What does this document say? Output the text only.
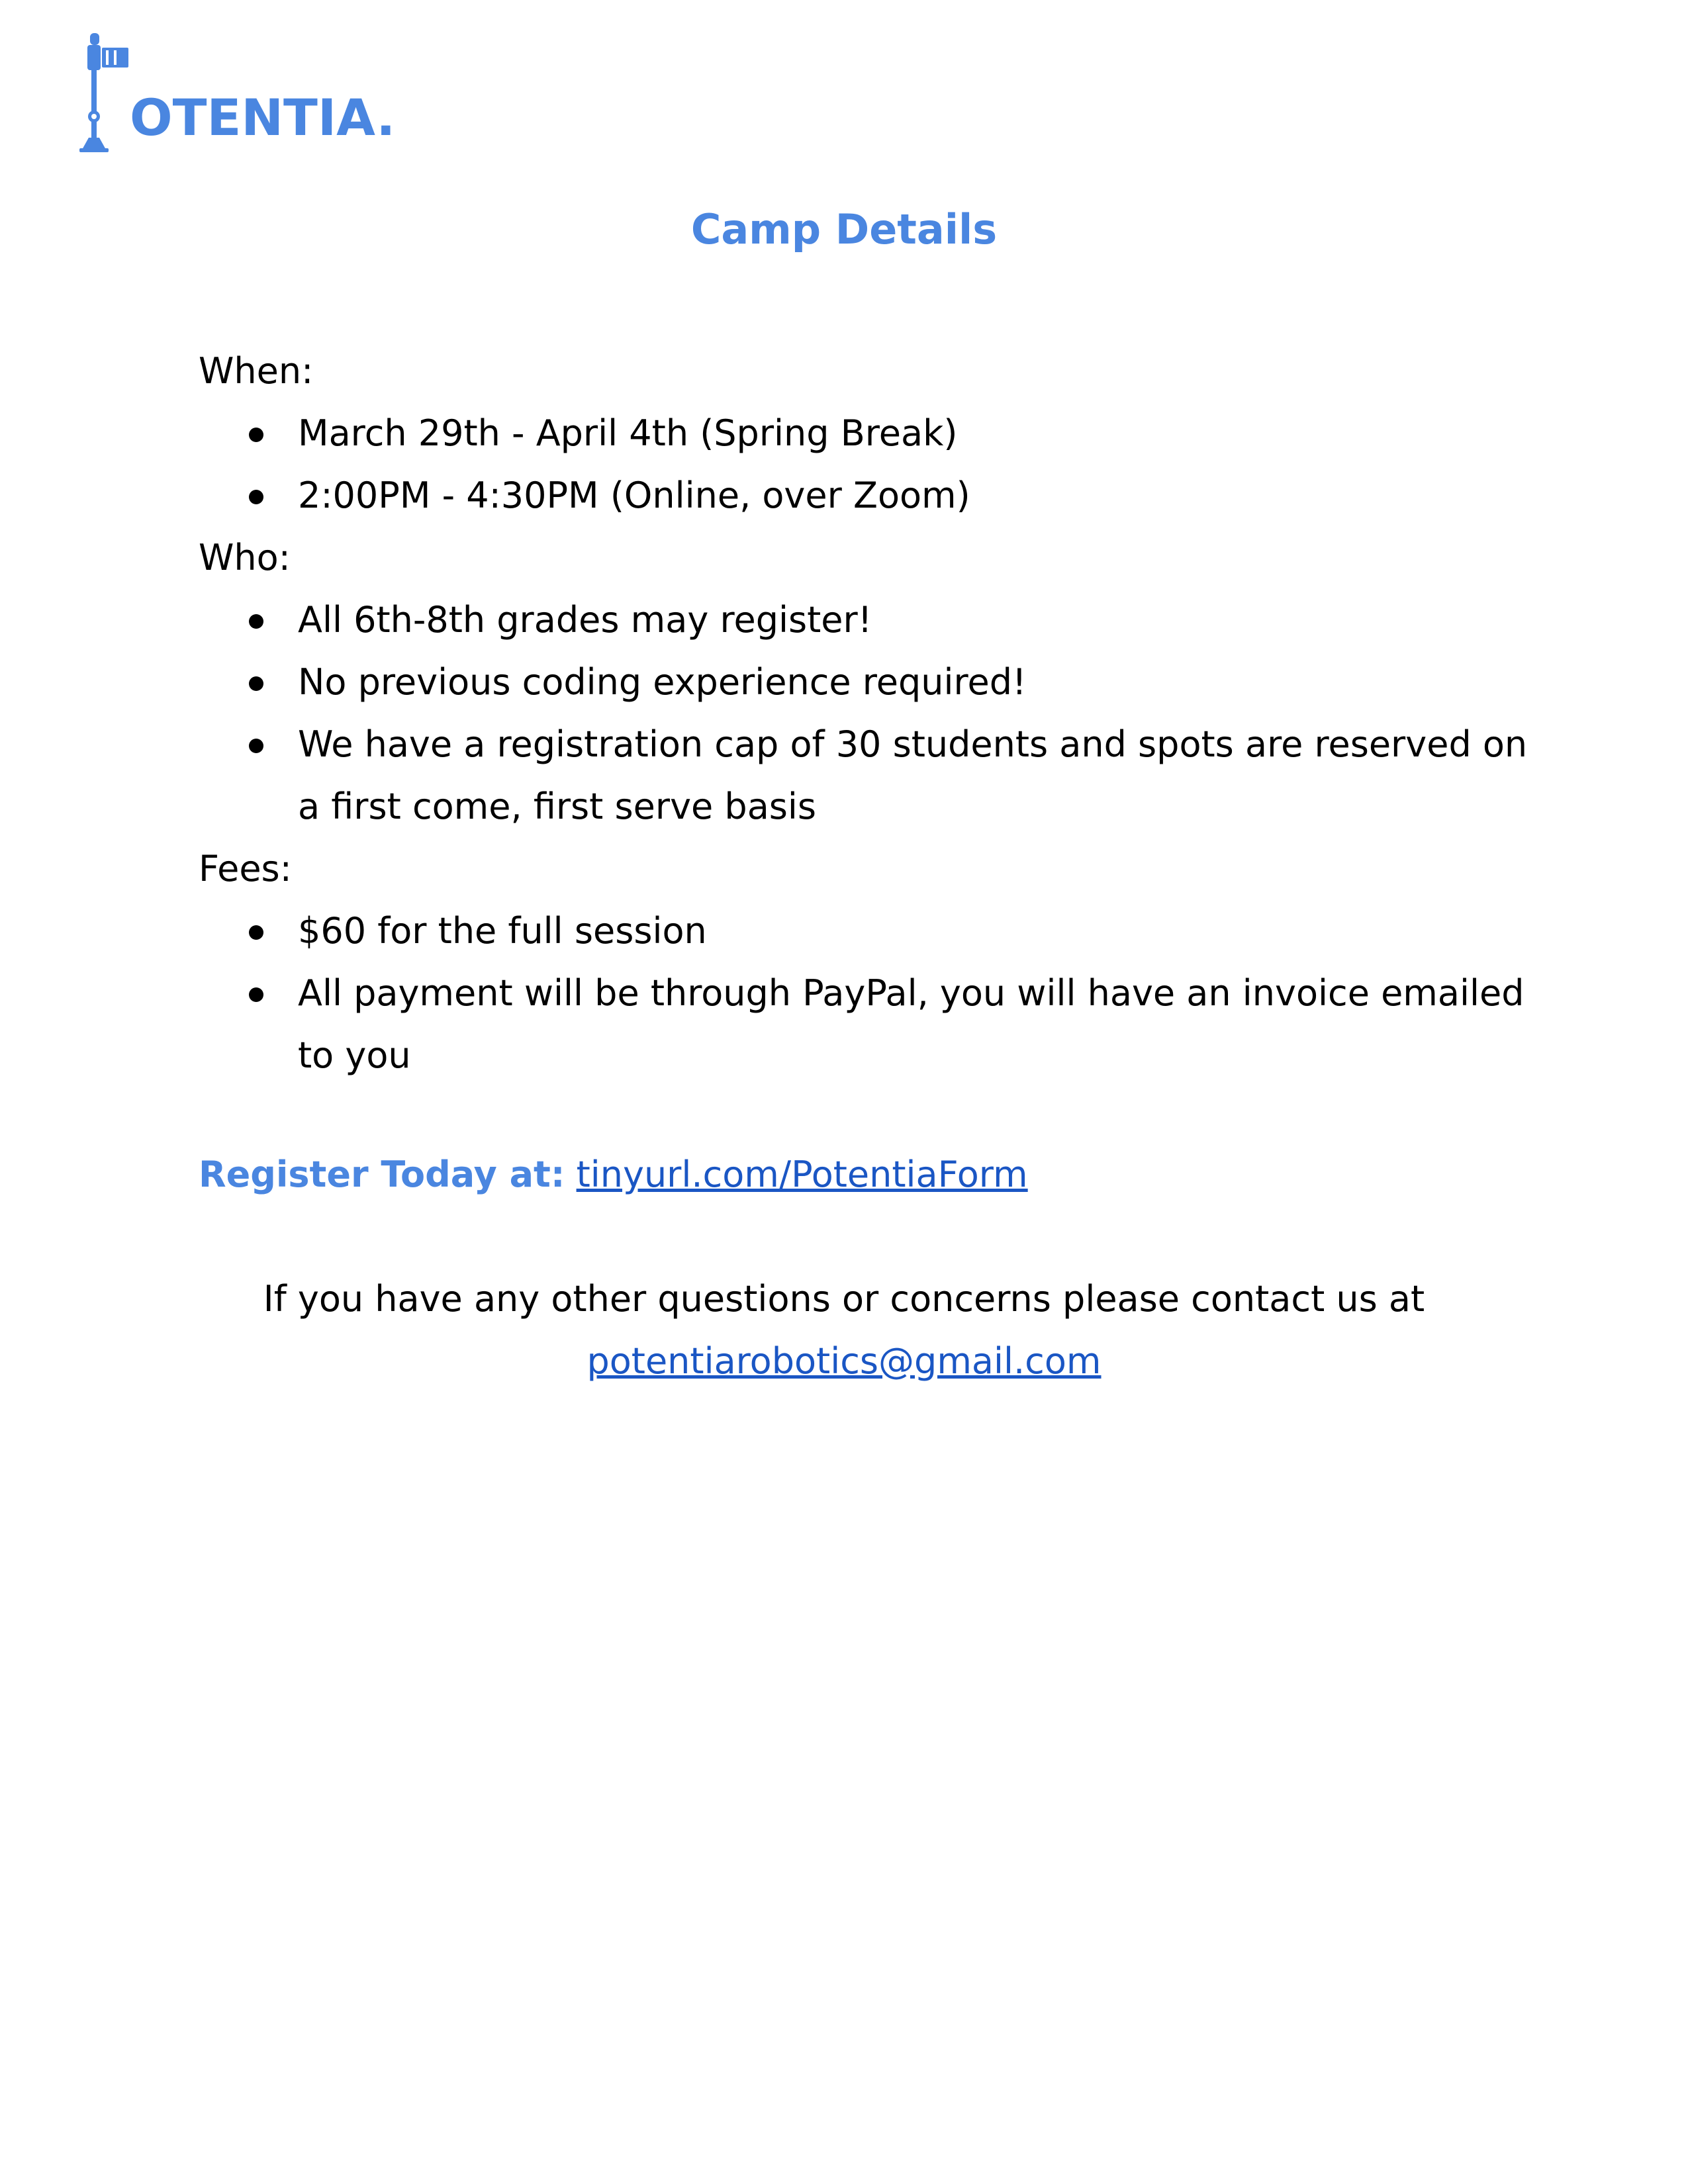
OTENTIA.
Camp Details

When:

March 29th - April 4th (Spring Break)
2:00PM - 4:30PM (Online, over Zoom)

Who:

All 6th-8th grades may register!
No previous coding experience required!
We have a registration cap of 30 students and spots are reserved on a first come, first serve basis

Fees:

$60 for the full session
All payment will be through PayPal, you will have an invoice emailed to you
Register Today at: tinyurl.com/PotentiaForm
If you have any other questions or concerns please contact us at
potentiarobotics@gmail.com
